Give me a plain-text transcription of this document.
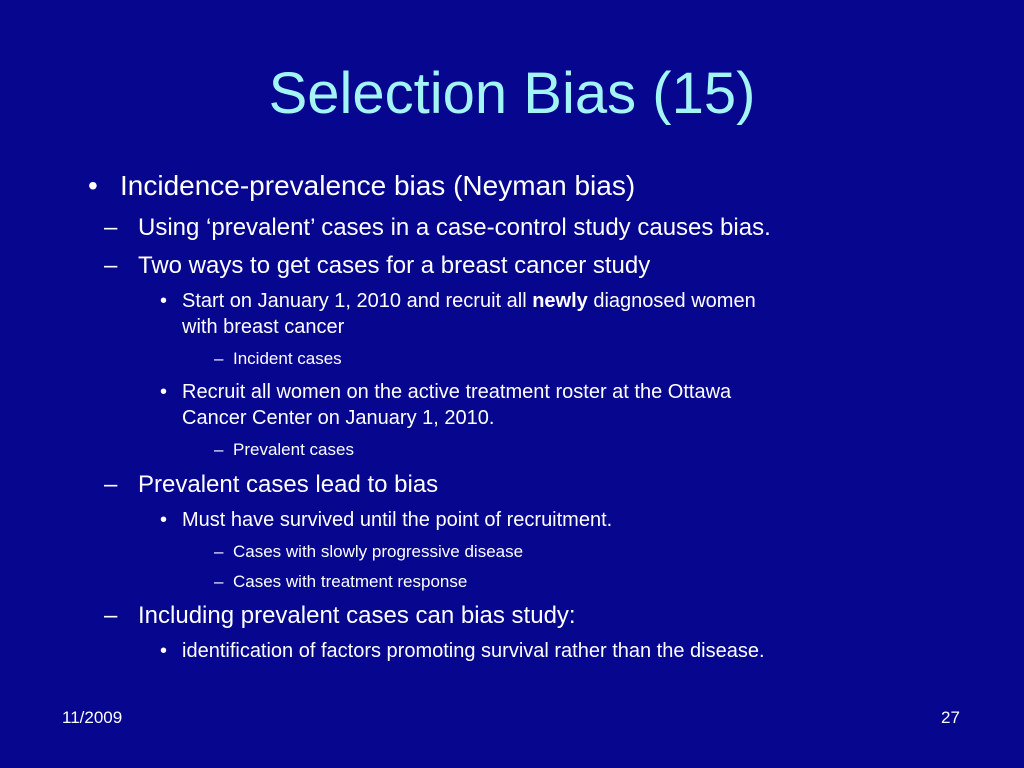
Selection Bias (15)
• Incidence-prevalence bias (Neyman bias)
– Using ‘prevalent’ cases in a case-control study causes bias.
– Two ways to get cases for a breast cancer study
• Start on January 1, 2010 and recruit all newly diagnosed women
with breast cancer
– Incident cases
• Recruit all women on the active treatment roster at the Ottawa
Cancer Center on January 1, 2010.
– Prevalent cases
– Prevalent cases lead to bias
• Must have survived until the point of recruitment.
– Cases with slowly progressive disease
– Cases with treatment response
– Including prevalent cases can bias study:
• identification of factors promoting survival rather than the disease.
11/2009	27
